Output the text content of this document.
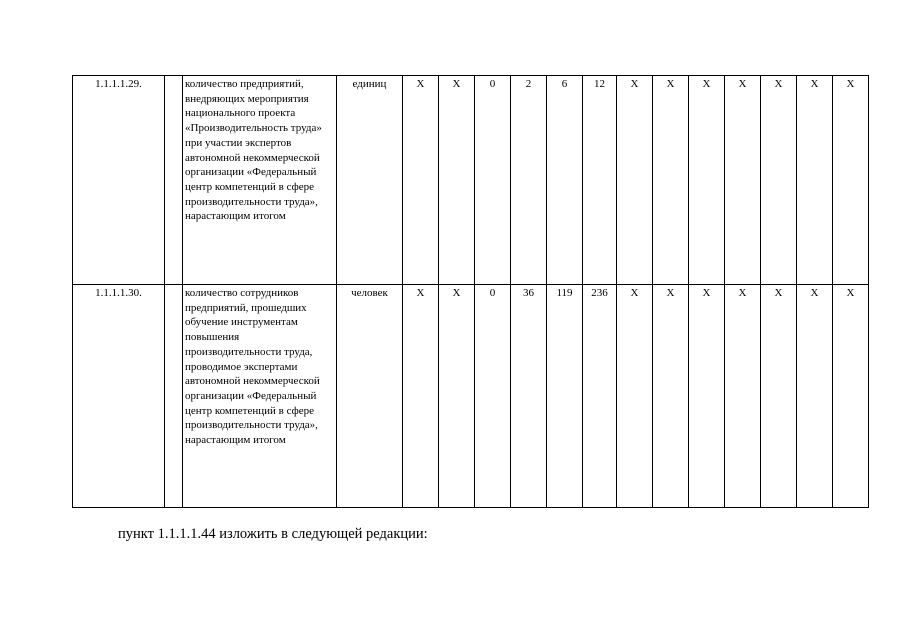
1.1.1.1.29.		количество предприятий, внедряющих мероприятия национального проекта «Производительность труда» при участии экспертов автономной некоммерческой организации «Федеральный центр компетенций в сфере производительности труда», нарастающим итогом	единиц	X	X	0	2	6	12	X	X	X	X	X	X	X
1.1.1.1.30.		количество сотрудников предприятий, прошедших обучение инструментам повышения производительности труда, проводимое экспертами автономной некоммерческой организации «Федеральный центр компетенций в сфере производительности труда», нарастающим итогом	человек	X	X	0	36	119	236	X	X	X	X	X	X	X
пункт 1.1.1.1.44 изложить в следующей редакции:
